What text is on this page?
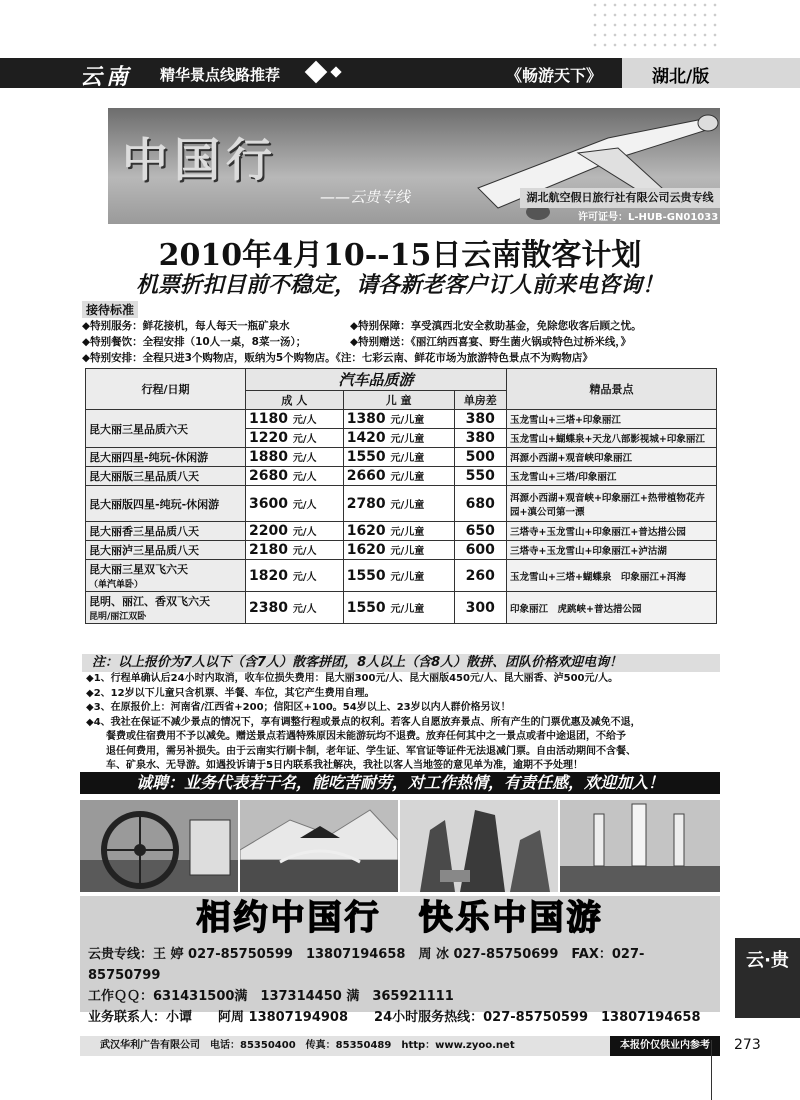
云南 精华景点线路推荐	《畅游天下》	湖北/版
中国行
——云贵专线	湖北航空假日旅行社有限公司云贵专线
许可证号：L-HUB-GN01033
2010年4月10--15日云南散客计划
机票折扣目前不稳定，请各新老客户订人前来电咨询！
接待标准
◆特别服务：鲜花接机，每人每天一瓶矿泉水	◆特别保障：享受滇西北安全救助基金，免除您收客后顾之忧。
◆特别餐饮：全程安排（10人一桌，8菜一汤）；	◆特别赠送：《丽江纳西喜宴、野生菌火锅或特色过桥米线，》
◆特别安排：全程只进3个购物店，贩纳为5个购物店。《注：七彩云南、鲜花市场为旅游特色景点不为购物店》
行程/日期	汽车品质游			精品景点
	成 人	儿 童	单房差	
昆大丽三星品质六天	1180 元/人	1380 元/儿童	380	玉龙雪山+三塔+印象丽江
	1220 元/人	1420 元/儿童	380	玉龙雪山+蝴蝶泉+天龙八部影视城+印象丽江
昆大丽四星-纯玩-休闲游	1880 元/人	1550 元/儿童	500	洱源小西湖+观音峡印象丽江
昆大丽版三星品质八天	2680 元/人	2660 元/儿童	550	玉龙雪山+三塔/印象丽江
昆大丽版四星-纯玩-休闲游	3600 元/人	2780 元/儿童	680	洱源小西湖+观音峡+印象丽江+热带植物花卉园+滇公司第一漂
昆大丽香三星品质八天	2200 元/人	1620 元/儿童	650	三塔寺+玉龙雪山+印象丽江+普达措公园
昆大丽泸三星品质八天	2180 元/人	1620 元/儿童	600	三塔寺+玉龙雪山+印象丽江+泸沽湖

昆大丽三星双飞六天
（单汽单卧）	1820 元/人	1550 元/儿童	260	玉龙雪山+三塔+蝴蝶泉　印象丽江+洱海

昆明、丽江、香双飞六天
昆明/丽江双卧	2380 元/人	1550 元/儿童	300	印象丽江　虎跳峡+普达措公园
注：以上报价为7人以下（含7人）散客拼团，8人以上（含8人）散拼、团队价格欢迎电询！
◆1、行程单确认后24小时内取消，收车位损失费用：昆大丽300元/人、昆大丽版450元/人、昆大丽香、泸500元/人。
◆2、12岁以下儿童只含机票、半餐、车位，其它产生费用自理。
◆3、在原报价上：河南省/江西省+200；信阳区+100。54岁以上、23岁以内人群价格另议！
◆4、我社在保证不减少景点的情况下，享有调整行程或景点的权利。若客人自愿放弃景点、所有产生的门票优惠及减免不退，
　　餐费或住宿费用不予以减免。赠送景点若遇特殊原因未能游玩均不退费。放弃任何其中之一景点或者中途退团，不给予
　　退任何费用，需另补损失。由于云南实行刷卡制，老年证、学生证、军官证等证件无法退减门票。自由活动期间不含餐、
　　车、矿泉水、无导游。如遇投诉请于5日内联系我社解决，我社以客人当地签的意见单为准，逾期不予处理！
诚聘：业务代表若干名，能吃苦耐劳，对工作热情，有责任感，欢迎加入！
相约中国行　快乐中国游
云贵专线：王 婷 027-85750599　13807194658　周 冰 027-85750699　FAX：027-85750799
工作ＱＱ：631431500满　137314450 满　365921111
业务联系人：小谭　　阿周 13807194908　　24小时服务热线：027-85750599　13807194658
云·贵
武汉华利广告有限公司　电话：85350400　传真：85350489　http：www.zyoo.net	本报价仅供业内参考	273
